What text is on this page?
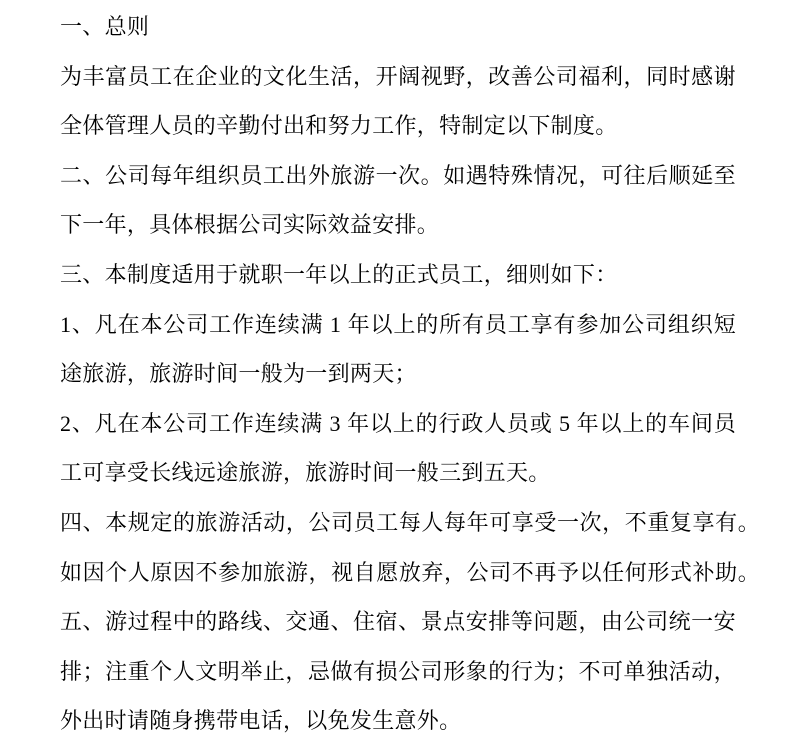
一、总则
为丰富员工在企业的文化生活，开阔视野，改善公司福利，同时感谢
全体管理人员的辛勤付出和努力工作，特制定以下制度。
二、公司每年组织员工出外旅游一次。如遇特殊情况，可往后顺延至
下一年，具体根据公司实际效益安排。
三、本制度适用于就职一年以上的正式员工，细则如下：
1、凡在本公司工作连续满 1 年以上的所有员工享有参加公司组织短
途旅游，旅游时间一般为一到两天；
2、凡在本公司工作连续满 3 年以上的行政人员或 5 年以上的车间员
工可享受长线远途旅游，旅游时间一般三到五天。
四、本规定的旅游活动，公司员工每人每年可享受一次，不重复享有。
如因个人原因不参加旅游，视自愿放弃，公司不再予以任何形式补助。
五、游过程中的路线、交通、住宿、景点安排等问题，由公司统一安
排；注重个人文明举止，忌做有损公司形象的行为；不可单独活动，
外出时请随身携带电话，以免发生意外。
